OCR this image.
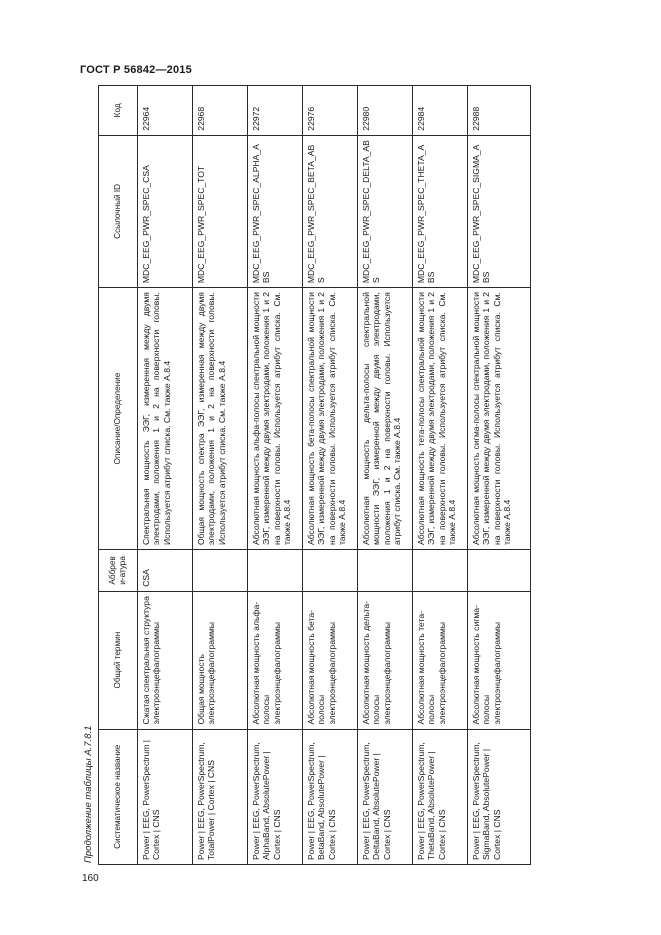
ГОСТ Р 56842—2015
160
Продолжение таблицы А.7.8.1	Систематическое название	Общий термин	Аббреви-атура	Описание/Определение	Ссылочный ID	Код
Power | EEG, PowerSpectrum | Cortex | CNS	Сжатая спектральная структура электроэнцефалограммы	CSA	Спектральная мощность ЭЭГ, измеренная между двумя электродами, положения 1 и 2 на поверхности головы. Используется атрибут списка. См. также А.8.4	MDC_EEG_PWR_SPEC_CSA	22964
Power | EEG, PowerSpectrum, TotalPower | Cortex | CNS	Общая мощность электроэнцефалограммы		Общая мощность спектра ЭЭГ, измеренная между двумя электродами, положения 1 и 2 на поверхности головы. Используется атрибут списка. См. также А.8.4	MDC_EEG_PWR_SPEC_TOT	22968
Power | EEG, PowerSpectrum, AlphaBand, AbsolutePower | Cortex | CNS	Абсолютная мощность альфа-полосы электроэнцефалограммы		Абсолютная мощность альфа-полосы спектральной мощности ЭЭГ, измеренной между двумя электродами, положения 1 и 2 на поверхности головы. Используется атрибут списка. См. также А.8.4	MDC_EEG_PWR_SPEC_ALPHA_ABS	22972
Power | EEG, PowerSpectrum, BetaBand, AbsolutePower | Cortex | CNS	Абсолютная мощность бета-полосы электроэнцефалограммы		Абсолютная мощность бета-полосы спектральной мощности ЭЭГ, измеренной между двумя электродами, положения 1 и 2 на поверхности головы. Используется атрибут списка. См. также А.8.4	MDC_EEG_PWR_SPEC_BETA_ABS	22976
Power | EEG, PowerSpectrum, DeltaBand, AbsolutePower | Cortex | CNS	Абсолютная мощность дельта-полосы электроэнцефалограммы		Абсолютная мощность дельта-полосы спектральной мощности ЭЭГ, измеренной между двумя электродами, положения 1 и 2 на поверхности головы. Используется атрибут списка. См. также А.8.4	MDC_EEG_PWR_SPEC_DELTA_ABS	22980
Power | EEG, PowerSpectrum, ThetaBand, AbsolutePower | Cortex | CNS	Абсолютная мощность тета-полосы электроэнцефалограммы		Абсолютная мощность тета-полосы спектральной мощности ЭЭГ, измеренной между двумя электродами, положения 1 и 2 на поверхности головы. Используется атрибут списка. См. также А.8.4	MDC_EEG_PWR_SPEC_THETA_ABS	22984
Power | EEG, PowerSpectrum, SigmaBand, AbsolutePower | Cortex | CNS	Абсолютная мощность сигма-полосы электроэнцефалограммы		Абсолютная мощность сигма-полосы спектральной мощности ЭЭГ, измеренной между двумя электродами, положения 1 и 2 на поверхности головы. Используется атрибут списка. См. также А.8.4	MDC_EEG_PWR_SPEC_SIGMA_ABS	22988
